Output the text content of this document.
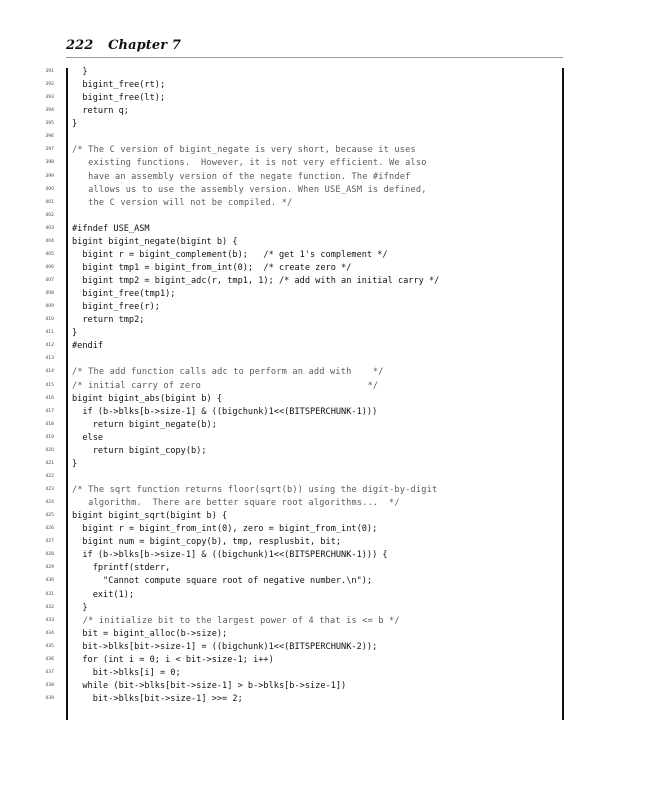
222 Chapter 7
391 }
392 bigint_free(rt);
393 bigint_free(lt);
394 return q;
395 }
396
397 /* The C version of bigint_negate is very short, because it uses
398 existing functions.  However, it is not very efficient. We also
399 have an assembly version of the negate function. The #ifndef
400 allows us to use the assembly version. When USE_ASM is defined,
401 the C version will not be compiled. */
402
403 #ifndef USE_ASM
404 bigint bigint_negate(bigint b) {
405 bigint r = bigint_complement(b);   /* get 1's complement */
406 bigint tmp1 = bigint_from_int(0);  /* create zero */
407 bigint tmp2 = bigint_adc(r, tmp1, 1); /* add with an initial carry */
408 bigint_free(tmp1);
409 bigint_free(r);
410 return tmp2;
411 }
412 #endif
413
414 /* The add function calls adc to perform an add with    */
415 /* initial carry of zero                               */
416 bigint bigint_abs(bigint b) {
417 if (b->blks[b->size-1] & ((bigchunk)1<<(BITSPERCHUNK-1)))
418 return bigint_negate(b);
419 else
420 return bigint_copy(b);
421 }
422
423 /* The sqrt function returns floor(sqrt(b)) using the digit-by-digit
424 algorithm.  There are better square root algorithms...  */
425 bigint bigint_sqrt(bigint b) {
426 bigint r = bigint_from_int(0), zero = bigint_from_int(0);
427 bigint num = bigint_copy(b), tmp, resplusbit, bit;
428 if (b->blks[b->size-1] & ((bigchunk)1<<(BITSPERCHUNK-1))) {
429 fprintf(stderr,
430 "Cannot compute square root of negative number.\n");
431 exit(1);
432 }
433 /* initialize bit to the largest power of 4 that is <= b */
434 bit = bigint_alloc(b->size);
435 bit->blks[bit->size-1] = ((bigchunk)1<<(BITSPERCHUNK-2));
436 for (int i = 0; i < bit->size-1; i++)
437 bit->blks[i] = 0;
438 while (bit->blks[bit->size-1] > b->blks[b->size-1])
439 bit->blks[bit->size-1] >>= 2;
